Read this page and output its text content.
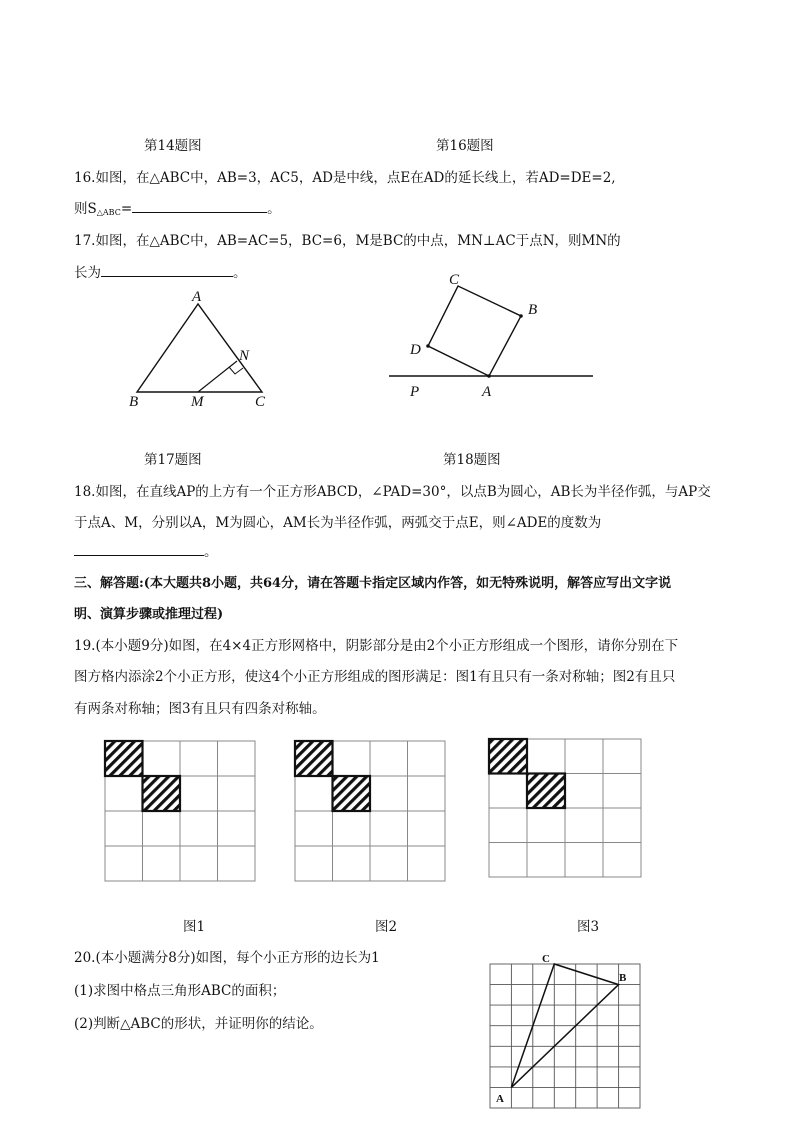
第14题图	第16题图
16.如图，在△ABC中，AB=3，AC5，AD是中线，点E在AD的延长线上，若AD=DE=2,
则$S_{\triangle ABC}=$	。
17.如图，在△ABC中，AB=AC=5，BC=6，M是BC的中点，MN⊥AC于点N，则MN的
长为	。
A
B	C
M
N
C
B
D
P	A
第17题图	第18题图
18.如图，在直线AP的上方有一个正方形ABCD，∠PAD=30°，以点B为圆心，AB长为半径作弧，与AP交
于点A、M，分别以A，M为圆心，AM长为半径作弧，两弧交于点E，则∠ADE的度数为
。
三、解答题:(本大题共8小题，共64分，请在答题卡指定区域内作答，如无特殊说明，解答应写出文字说
明、演算步骤或推理过程)
19.(本小题9分)如图，在4×4正方形网格中，阴影部分是由2个小正方形组成一个图形，请你分别在下
图方格内添涂2个小正方形，使这4个小正方形组成的图形满足：图1有且只有一条对称轴；图2有且只
有两条对称轴；图3有且只有四条对称轴。
图1	图2	图3
20.(本小题满分8分)如图，每个小正方形的边长为1
(1)求图中格点三角形ABC的面积；
(2)判断△ABC的形状，并证明你的结论。
C
B
A
